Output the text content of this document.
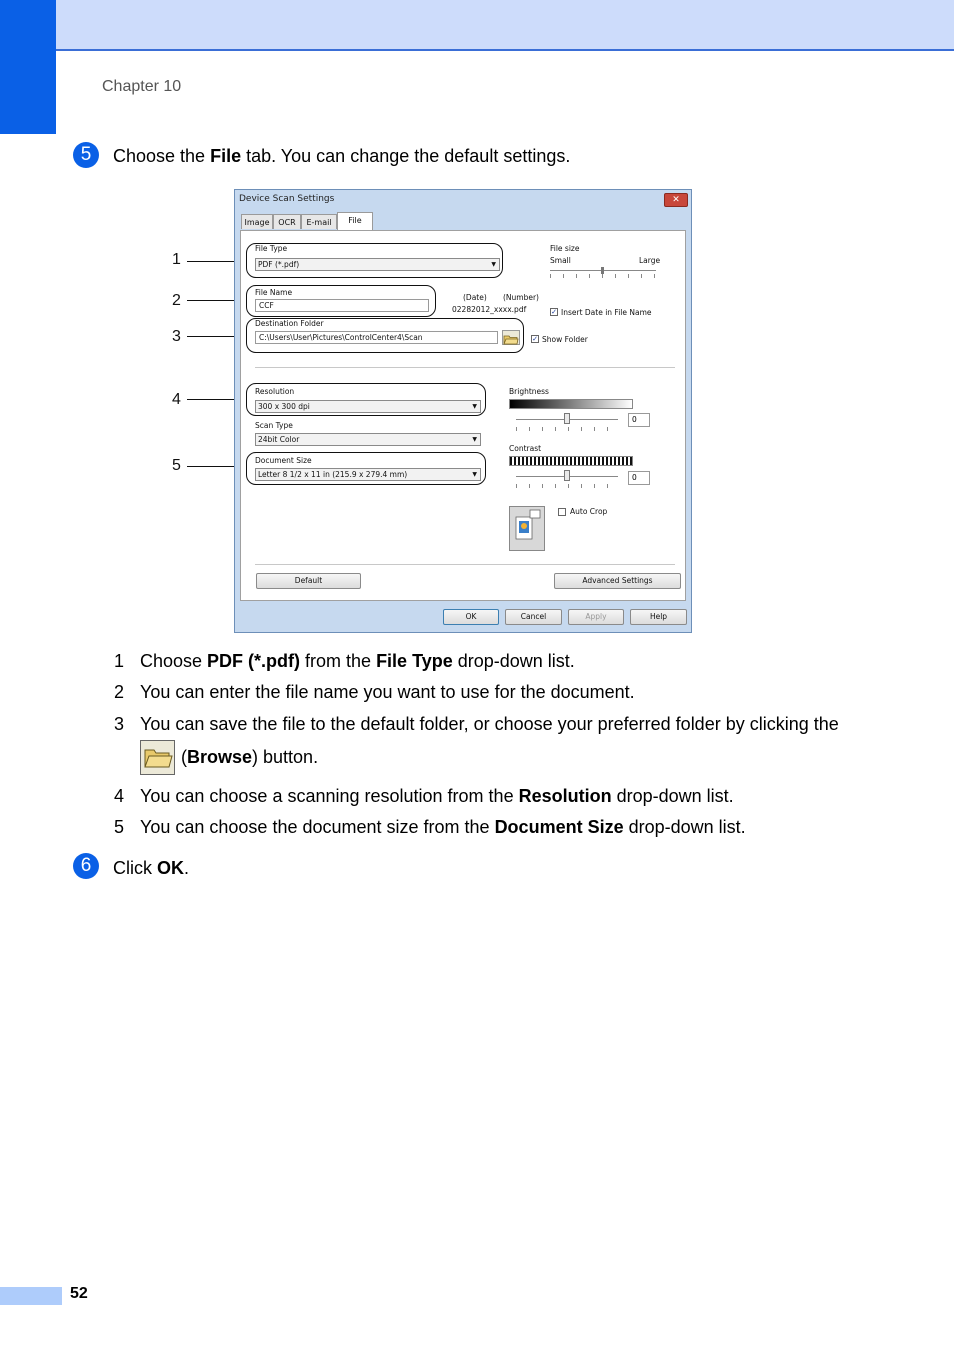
Chapter 10
5	Choose the File tab. You can change the default settings.
1
2
3
4
5
Device Scan Settings	✕
Image	OCR	E-mail	File
File Type
PDF (*.pdf)	▼
File size
Small	Large
File Name
CCF
(Date) (Number)
02282012_xxxx.pdf	✓ Insert Date in File Name
Destination Folder
C:\Users\User\Pictures\ControlCenter4\Scan	✓ Show Folder
Resolution
300 x 300 dpi	▼
Scan Type
24bit Color	▼
Document Size
Letter 8 1/2 x 11 in (215.9 x 279.4 mm)	▼
Brightness
0
Contrast
0
Auto Crop
Default	Advanced Settings
OK	Cancel	Apply	Help
1 Choose PDF (*.pdf) from the File Type drop-down list.
2 You can enter the file name you want to use for the document.
3 You can save the file to the default folder, or choose your preferred folder by clicking the
(Browse) button.
4 You can choose a scanning resolution from the Resolution drop-down list.
5 You can choose the document size from the Document Size drop-down list.
6	Click OK.
52
